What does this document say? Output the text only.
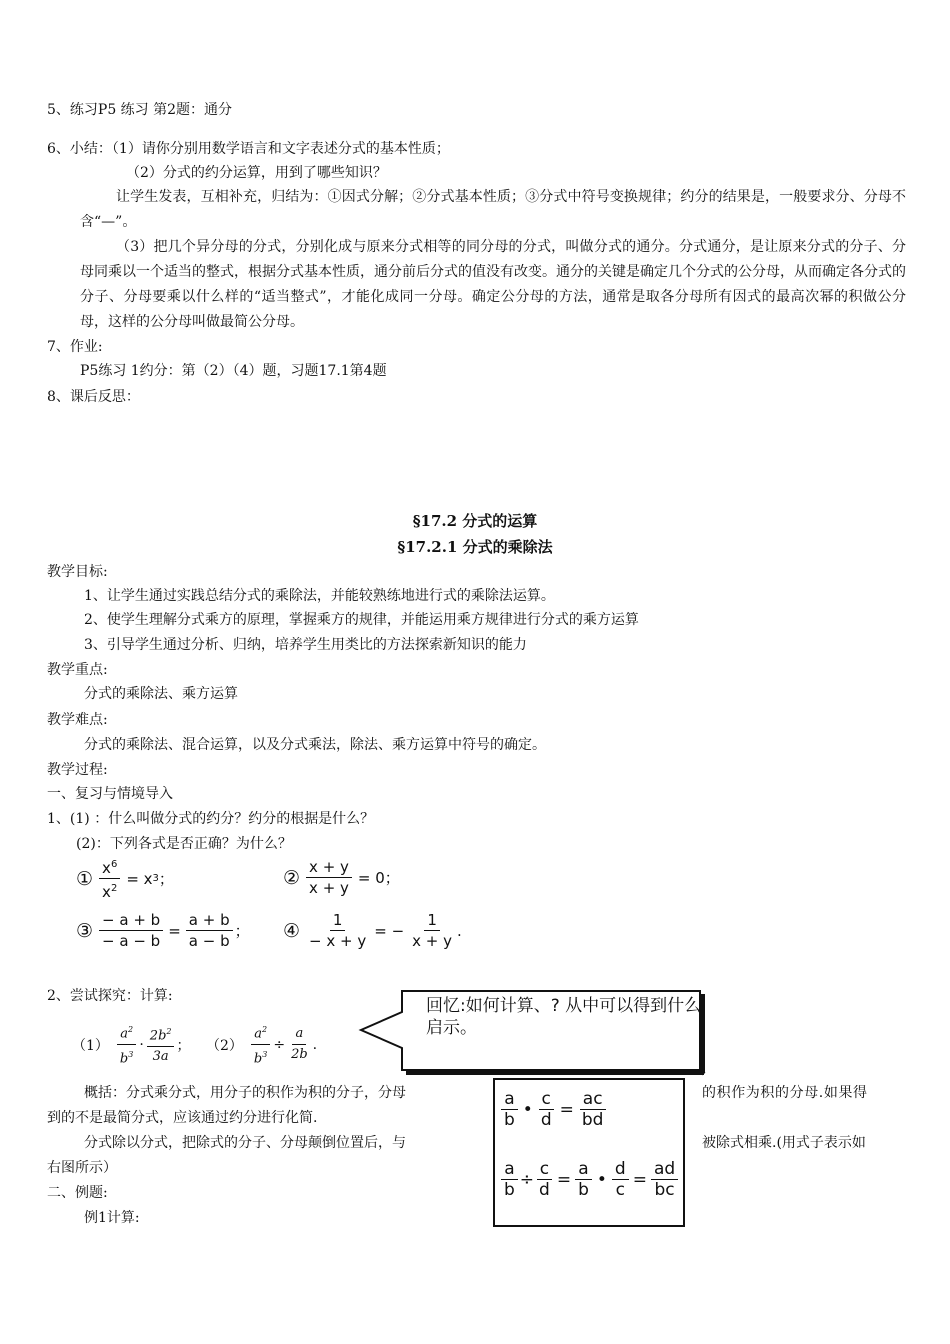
5、练习P5 练习 第2题：通分
6、小结：（1）请你分别用数学语言和文字表述分式的基本性质；
（2）分式的约分运算，用到了哪些知识？
让学生发表，互相补充，归结为：①因式分解；②分式基本性质；③分式中符号变换规律；约分的结果是，一般要求分、分母不含“—”。
（3）把几个异分母的分式，分别化成与原来分式相等的同分母的分式，叫做分式的通分。分式通分，是让原来分式的分子、分母同乘以一个适当的整式，根据分式基本性质，通分前后分式的值没有改变。通分的关键是确定几个分式的公分母，从而确定各分式的分子、分母要乘以什么样的“适当整式”，才能化成同一分母。确定公分母的方法，通常是取各分母所有因式的最高次幂的积做公分母，这样的公分母叫做最简公分母。
7、作业:
P5练习 1约分：第（2）（4）题，习题17.1第4题
8、课后反思：
§17.2 分式的运算
§17.2.1 分式的乘除法
教学目标:
1、让学生通过实践总结分式的乘除法，并能较熟练地进行式的乘除法运算。
2、使学生理解分式乘方的原理，掌握乘方的规律，并能运用乘方规律进行分式的乘方运算
3、引导学生通过分析、归纳，培养学生用类比的方法探索新知识的能力
教学重点:
分式的乘除法、乘方运算
教学难点:
分式的乘除法、混合运算，以及分式乘法，除法、乘方运算中符号的确定。
教学过程:
一、复习与情境导入
1、(1) ：什么叫做分式的约分？约分的根据是什么？
(2)：下列各式是否正确？为什么？
① $\frac{x^6}{x^2} = x$ 3 ；	② $\frac{x + y}{x + y} = 0$ ；
③ $\frac{- a + b}{- a - b} = \frac{a + b}{a - b}$ ； ④ $\frac{1}{- x + y}$ = − $\frac{1}{x + y}$ .
2、尝试探究：计算:
$(1) \frac{a^2}{b^3} \cdot \frac{2b^2}{3a}$ ； $(2) \frac{a^2}{b^3} \div \frac{a}{2b}$ .
回忆:如何计算、? 从中可以得到什么启示。
概括：分式乘分式，用分子的积作为积的分子，分母	的积作为积的分母.如果得
到的不是最简分式，应该通过约分进行化简.
分式除以分式，把除式的分子、分母颠倒位置后，与	被除式相乘.(用式子表示如
右图所示）
$\frac{a}{b}$ • $\frac{c}{d} = \frac{ac}{bd}$
$\frac{a}{b} \div \frac{c}{d} = \frac{a}{b}$ • $\frac{d}{c} = \frac{ad}{bc}$
二、例题:
例1计算:
